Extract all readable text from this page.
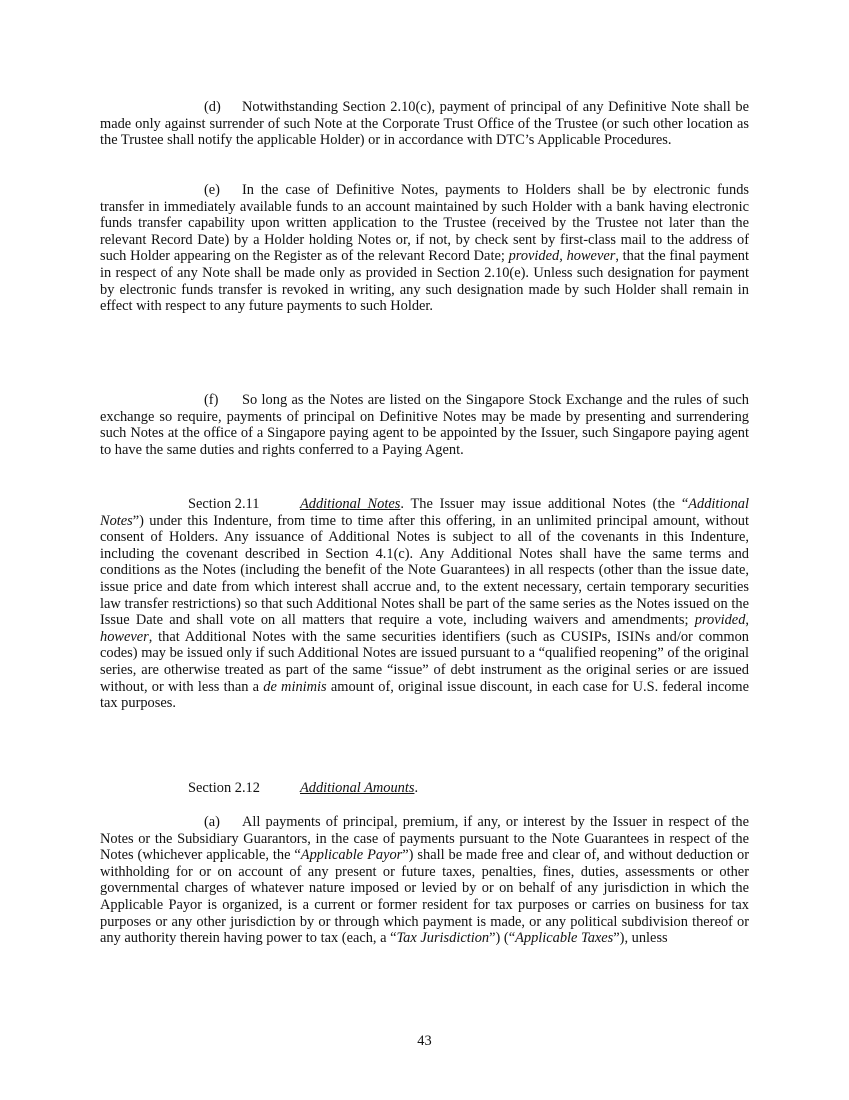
(d) Notwithstanding Section 2.10(c), payment of principal of any Definitive Note shall be made only against surrender of such Note at the Corporate Trust Office of the Trustee (or such other location as the Trustee shall notify the applicable Holder) or in accordance with DTC’s Applicable Procedures.

(e) In the case of Definitive Notes, payments to Holders shall be by electronic funds transfer in immediately available funds to an account maintained by such Holder with a bank having electronic funds transfer capability upon written application to the Trustee (received by the Trustee not later than the relevant Record Date) by a Holder holding Notes or, if not, by check sent by first-class mail to the address of such Holder appearing on the Register as of the relevant Record Date; provided, however, that the final payment in respect of any Note shall be made only as provided in Section 2.10(e). Unless such designation for payment by electronic funds transfer is revoked in writing, any such designation made by such Holder shall remain in effect with respect to any future payments to such Holder.

(f) So long as the Notes are listed on the Singapore Stock Exchange and the rules of such exchange so require, payments of principal on Definitive Notes may be made by presenting and surrendering such Notes at the office of a Singapore paying agent to be appointed by the Issuer, such Singapore paying agent to have the same duties and rights conferred to a Paying Agent.

Section 2.11	Additional Notes. The Issuer may issue additional Notes (the “Additional Notes”) under this Indenture, from time to time after this offering, in an unlimited principal amount, without consent of Holders. Any issuance of Additional Notes is subject to all of the covenants in this Indenture, including the covenant described in Section 4.1(c). Any Additional Notes shall have the same terms and conditions as the Notes (including the benefit of the Note Guarantees) in all respects (other than the issue date, issue price and date from which interest shall accrue and, to the extent necessary, certain temporary securities law transfer restrictions) so that such Additional Notes shall be part of the same series as the Notes issued on the Issue Date and shall vote on all matters that require a vote, including waivers and amendments; provided, however, that Additional Notes with the same securities identifiers (such as CUSIPs, ISINs and/or common codes) may be issued only if such Additional Notes are issued pursuant to a “qualified reopening” of the original series, are otherwise treated as part of the same “issue” of debt instrument as the original series or are issued without, or with less than a de minimis amount of, original issue discount, in each case for U.S. federal income tax purposes.

Section 2.12	Additional Amounts.

(a) All payments of principal, premium, if any, or interest by the Issuer in respect of the Notes or the Subsidiary Guarantors, in the case of payments pursuant to the Note Guarantees in respect of the Notes (whichever applicable, the “Applicable Payor”) shall be made free and clear of, and without deduction or withholding for or on account of any present or future taxes, penalties, fines, duties, assessments or other governmental charges of whatever nature imposed or levied by or on behalf of any jurisdiction in which the Applicable Payor is organized, is a current or former resident for tax purposes or carries on business for tax purposes or any other jurisdiction by or through which payment is made, or any political subdivision thereof or any authority therein having power to tax (each, a “Tax Jurisdiction”) (“Applicable Taxes”), unless

43
